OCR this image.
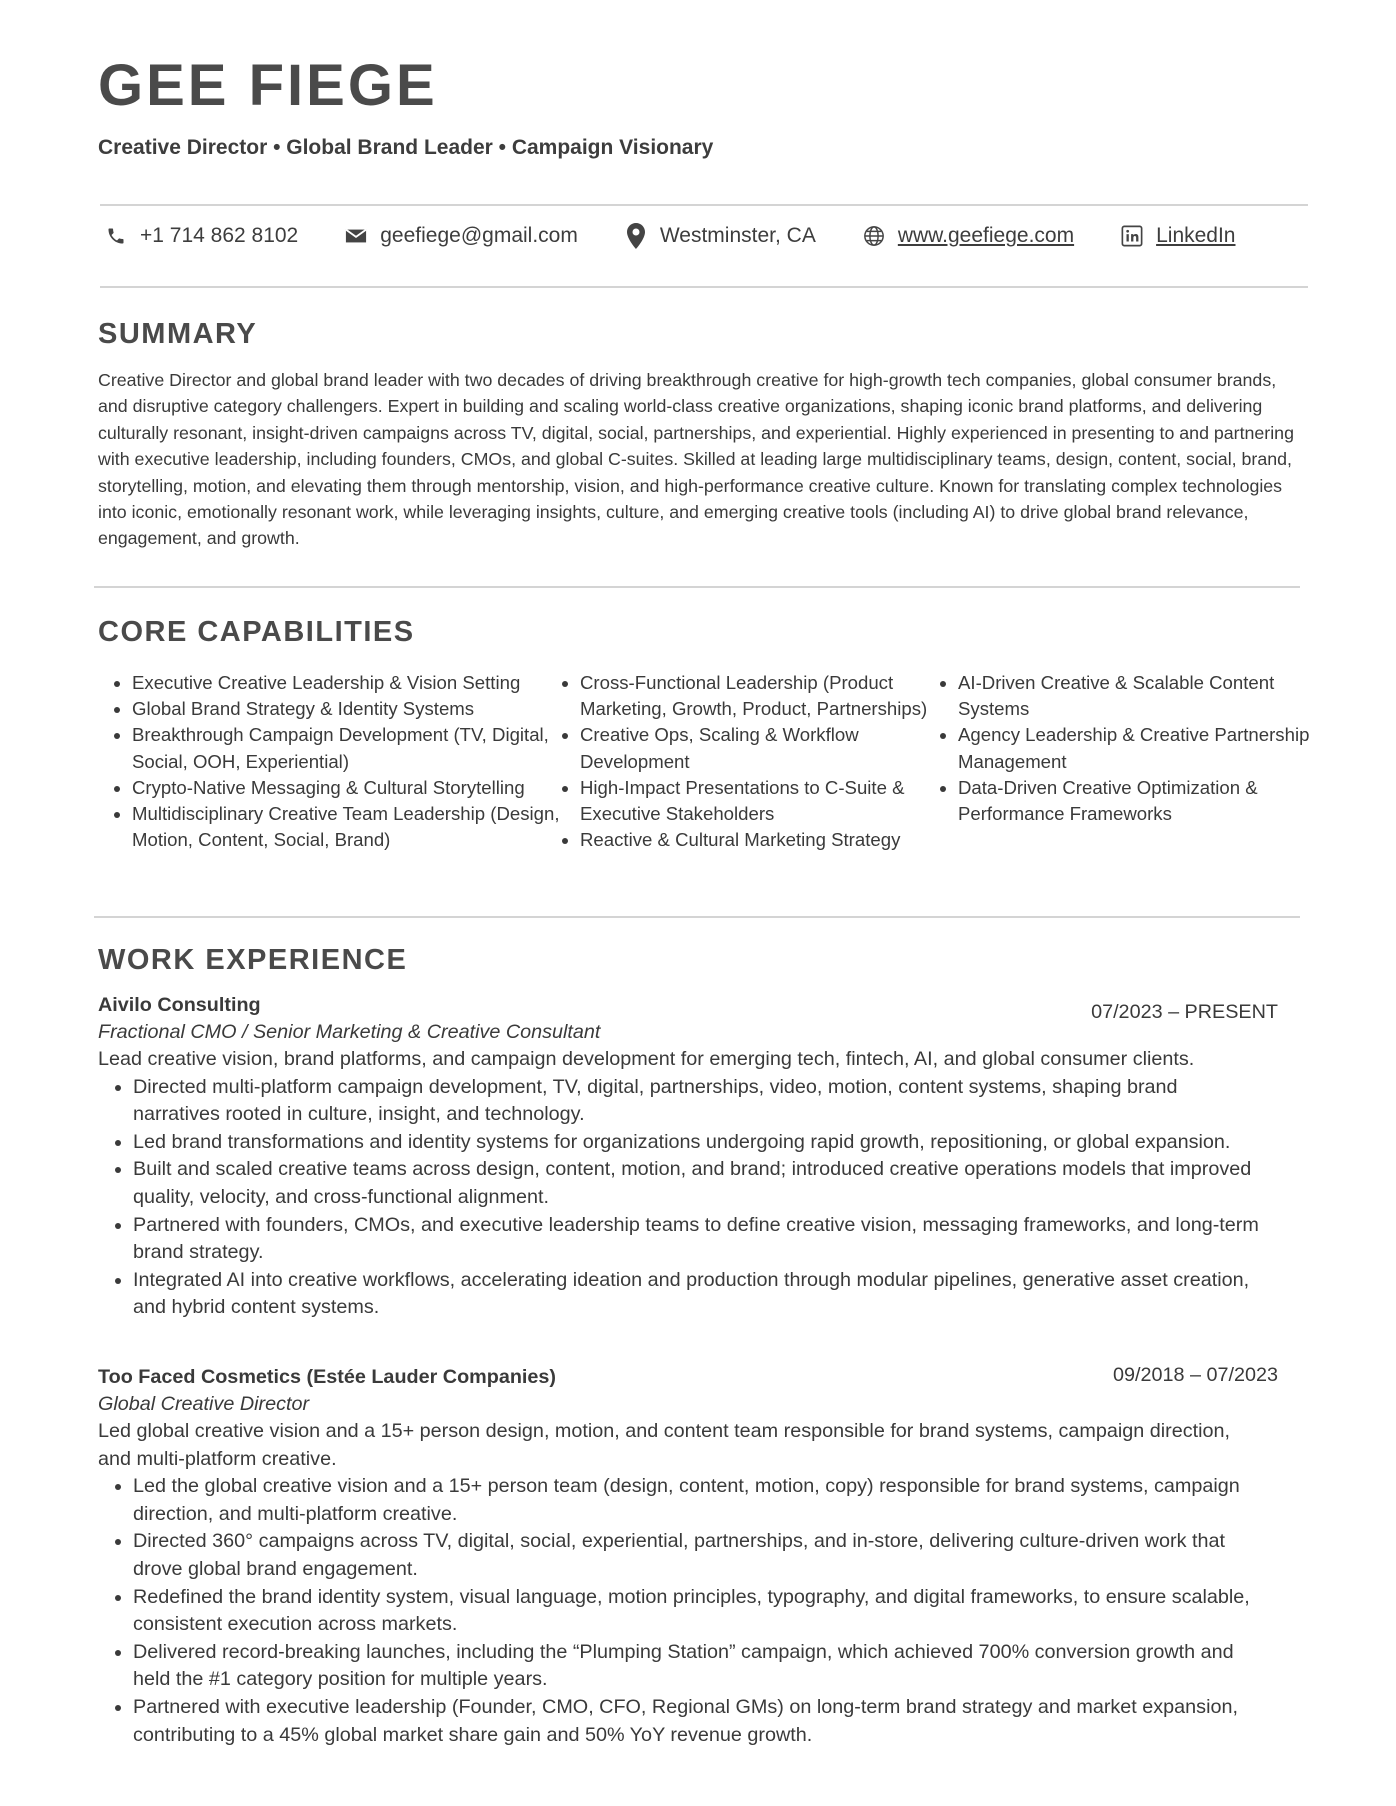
GEE FIEGE

Creative Director • Global Brand Leader • Campaign Visionary

+1 714 862 8102	geefiege@gmail.com	Westminster, CA	www.geefiege.com	LinkedIn
SUMMARY

Creative Director and global brand leader with two decades of driving breakthrough creative for high-growth tech companies, global consumer brands, and disruptive category challengers. Expert in building and scaling world-class creative organizations, shaping iconic brand platforms, and delivering culturally resonant, insight-driven campaigns across TV, digital, social, partnerships, and experiential. Highly experienced in presenting to and partnering with executive leadership, including founders, CMOs, and global C-suites. Skilled at leading large multidisciplinary teams, design, content, social, brand, storytelling, motion, and elevating them through mentorship, vision, and high-performance creative culture. Known for translating complex technologies into iconic, emotionally resonant work, while leveraging insights, culture, and emerging creative tools (including AI) to drive global brand relevance, engagement, and growth.

CORE CAPABILITIES
• Executive Creative Leadership & Vision Setting
• Global Brand Strategy & Identity Systems
• Breakthrough Campaign Development (TV, Digital, Social, OOH, Experiential)
• Crypto-Native Messaging & Cultural Storytelling
• Multidisciplinary Creative Team Leadership (Design, Motion, Content, Social, Brand)
• Cross-Functional Leadership (Product Marketing, Growth, Product, Partnerships)
• Creative Ops, Scaling & Workflow Development
• High-Impact Presentations to C-Suite & Executive Stakeholders
• Reactive & Cultural Marketing Strategy
• AI-Driven Creative & Scalable Content Systems
• Agency Leadership & Creative Partnership Management
• Data-Driven Creative Optimization & Performance Frameworks
WORK EXPERIENCE
07/2023 – PRESENT

Aivilo Consulting

Fractional CMO / Senior Marketing & Creative Consultant

Lead creative vision, brand platforms, and campaign development for emerging tech, fintech, AI, and global consumer clients.

• Directed multi-platform campaign development, TV, digital, partnerships, video, motion, content systems, shaping brand narratives rooted in culture, insight, and technology.
• Led brand transformations and identity systems for organizations undergoing rapid growth, repositioning, or global expansion.
• Built and scaled creative teams across design, content, motion, and brand; introduced creative operations models that improved quality, velocity, and cross-functional alignment.
• Partnered with founders, CMOs, and executive leadership teams to define creative vision, messaging frameworks, and long-term brand strategy.
• Integrated AI into creative workflows, accelerating ideation and production through modular pipelines, generative asset creation, and hybrid content systems.
09/2018 – 07/2023

Too Faced Cosmetics (Estée Lauder Companies)

Global Creative Director

Led global creative vision and a 15+ person design, motion, and content team responsible for brand systems, campaign direction, and multi-platform creative.

• Led the global creative vision and a 15+ person team (design, content, motion, copy) responsible for brand systems, campaign direction, and multi-platform creative.
• Directed 360° campaigns across TV, digital, social, experiential, partnerships, and in-store, delivering culture-driven work that drove global brand engagement.
• Redefined the brand identity system, visual language, motion principles, typography, and digital frameworks, to ensure scalable, consistent execution across markets.
• Delivered record-breaking launches, including the “Plumping Station” campaign, which achieved 700% conversion growth and held the #1 category position for multiple years.
• Partnered with executive leadership (Founder, CMO, CFO, Regional GMs) on long-term brand strategy and market expansion, contributing to a 45% global market share gain and 50% YoY revenue growth.
